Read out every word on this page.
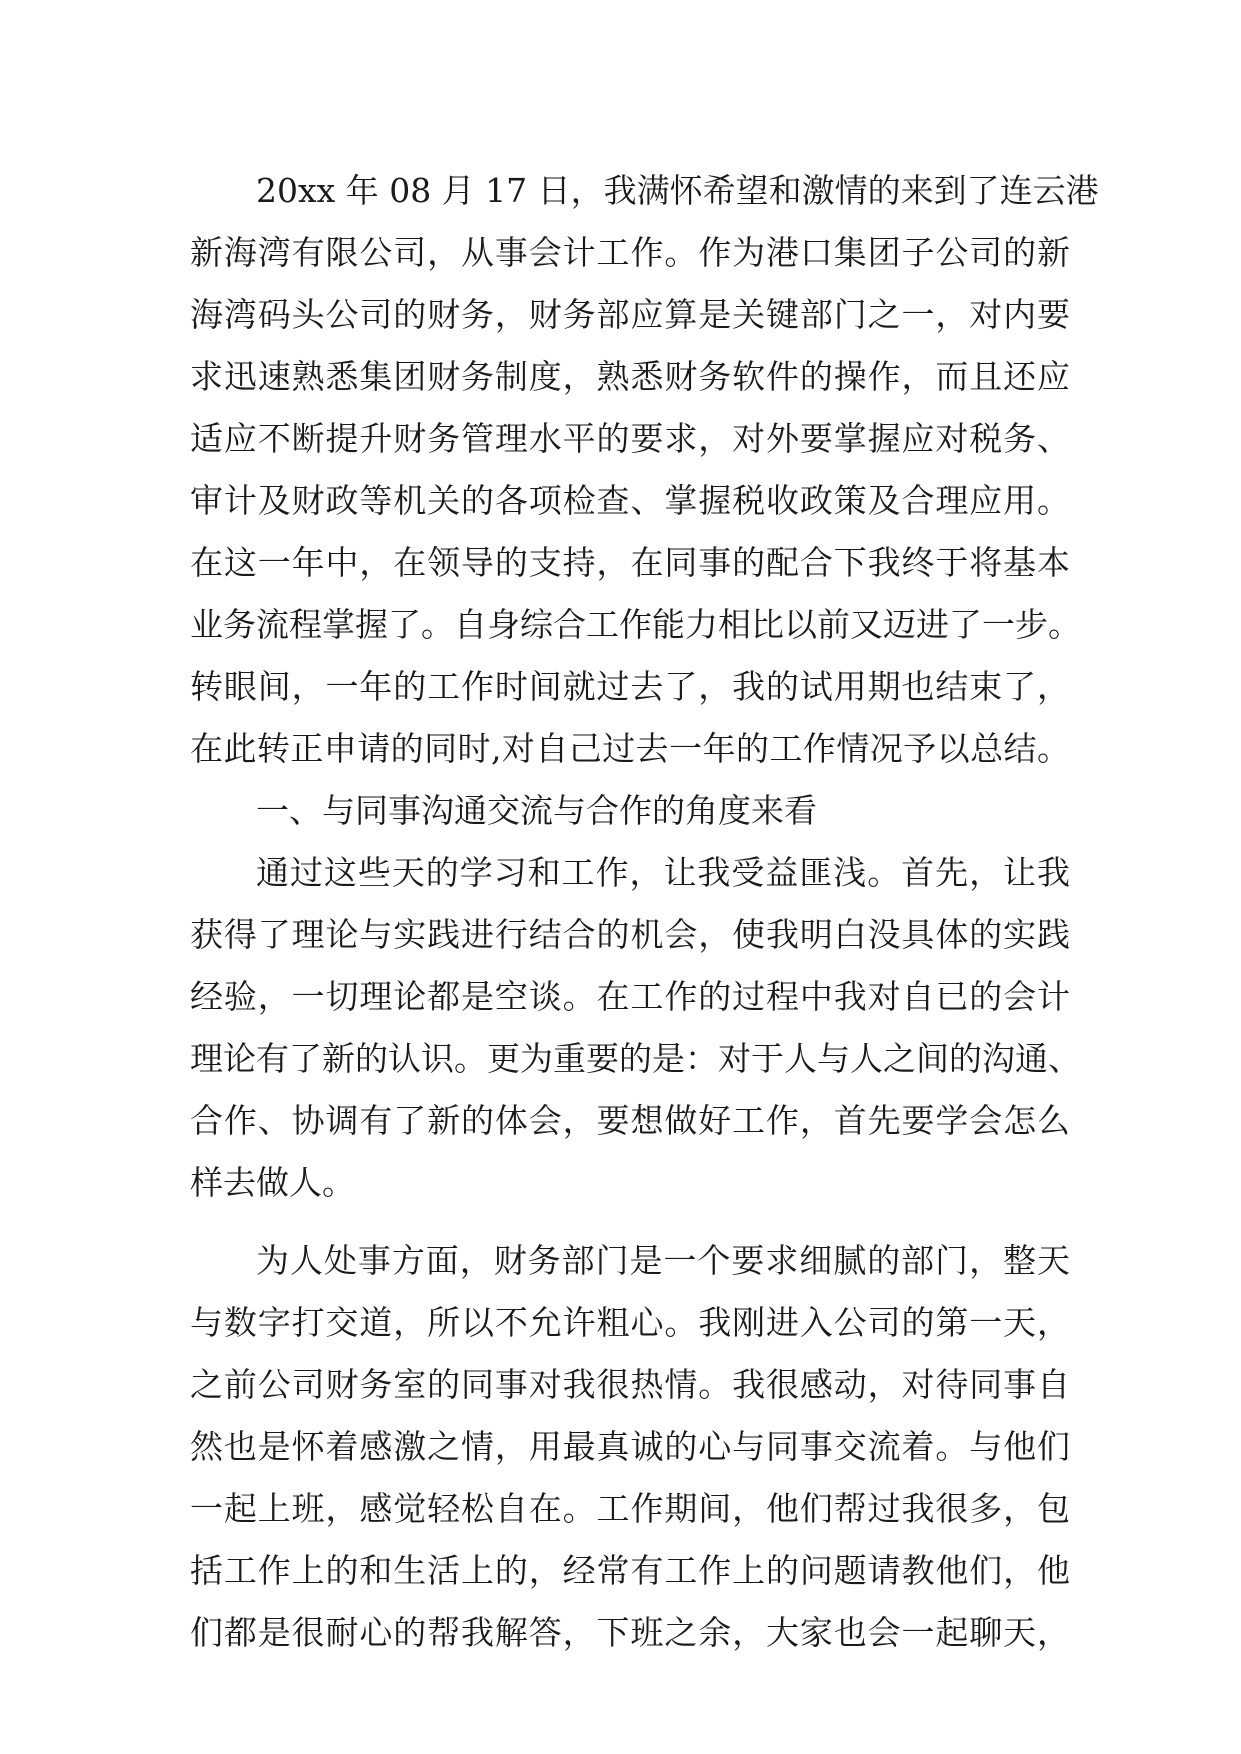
20xx 年 08 月 17 日，我满怀希望和激情的来到了连云港
新海湾有限公司，从事会计工作。作为港口集团子公司的新
海湾码头公司的财务，财务部应算是关键部门之一，对内要
求迅速熟悉集团财务制度，熟悉财务软件的操作，而且还应
适应不断提升财务管理水平的要求，对外要掌握应对税务、
审计及财政等机关的各项检查、掌握税收政策及合理应用。
在这一年中，在领导的支持，在同事的配合下我终于将基本
业务流程掌握了。自身综合工作能力相比以前又迈进了一步。
转眼间，一年的工作时间就过去了，我的试用期也结束了，
在此转正申请的同时,对自己过去一年的工作情况予以总结。
一、与同事沟通交流与合作的角度来看
通过这些天的学习和工作，让我受益匪浅。首先，让我
获得了理论与实践进行结合的机会，使我明白没具体的实践
经验，一切理论都是空谈。在工作的过程中我对自已的会计
理论有了新的认识。更为重要的是：对于人与人之间的沟通、
合作、协调有了新的体会，要想做好工作，首先要学会怎么
样去做人。
为人处事方面，财务部门是一个要求细腻的部门，整天
与数字打交道，所以不允许粗心。我刚进入公司的第一天，
之前公司财务室的同事对我很热情。我很感动，对待同事自
然也是怀着感激之情，用最真诚的心与同事交流着。与他们
一起上班，感觉轻松自在。工作期间，他们帮过我很多，包
括工作上的和生活上的，经常有工作上的问题请教他们，他
们都是很耐心的帮我解答，下班之余，大家也会一起聊天，
